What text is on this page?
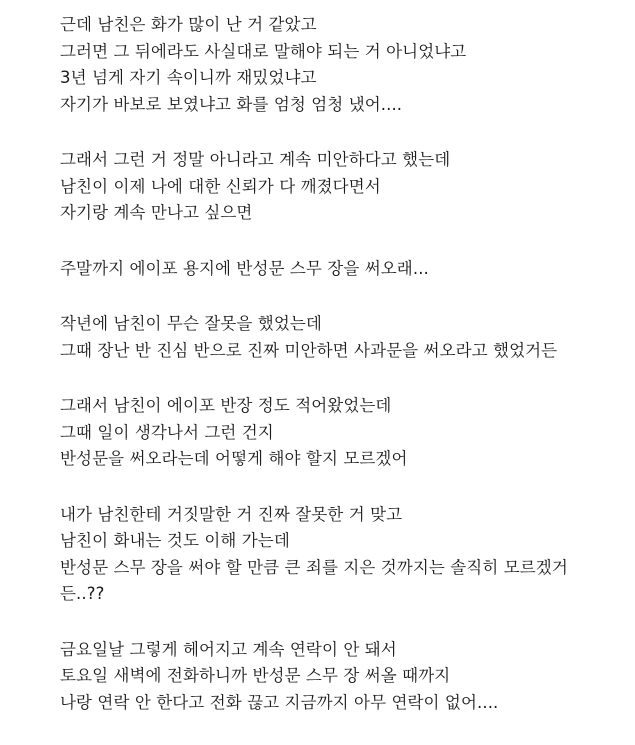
근데 남친은 화가 많이 난 거 같았고
그러면 그 뒤에라도 사실대로 말해야 되는 거 아니었냐고
3년 넘게 자기 속이니까 재밌었냐고
자기가 바보로 보였냐고 화를 엄청 엄청 냈어....
그래서 그런 거 정말 아니라고 계속 미안하다고 했는데
남친이 이제 나에 대한 신뢰가 다 깨졌다면서
자기랑 계속 만나고 싶으면
주말까지 에이포 용지에 반성문 스무 장을 써오래...
작년에 남친이 무슨 잘못을 했었는데
그때 장난 반 진심 반으로 진짜 미안하면 사과문을 써오라고 했었거든
그래서 남친이 에이포 반장 정도 적어왔었는데
그때 일이 생각나서 그런 건지
반성문을 써오라는데 어떻게 해야 할지 모르겠어
내가 남친한테 거짓말한 거 진짜 잘못한 거 맞고
남친이 화내는 것도 이해 가는데
반성문 스무 장을 써야 할 만큼 큰 죄를 지은 것까지는 솔직히 모르겠거
든..??
금요일날 그렇게 헤어지고 계속 연락이 안 돼서
토요일 새벽에 전화하니까 반성문 스무 장 써올 때까지
나랑 연락 안 한다고 전화 끊고 지금까지 아무 연락이 없어....
